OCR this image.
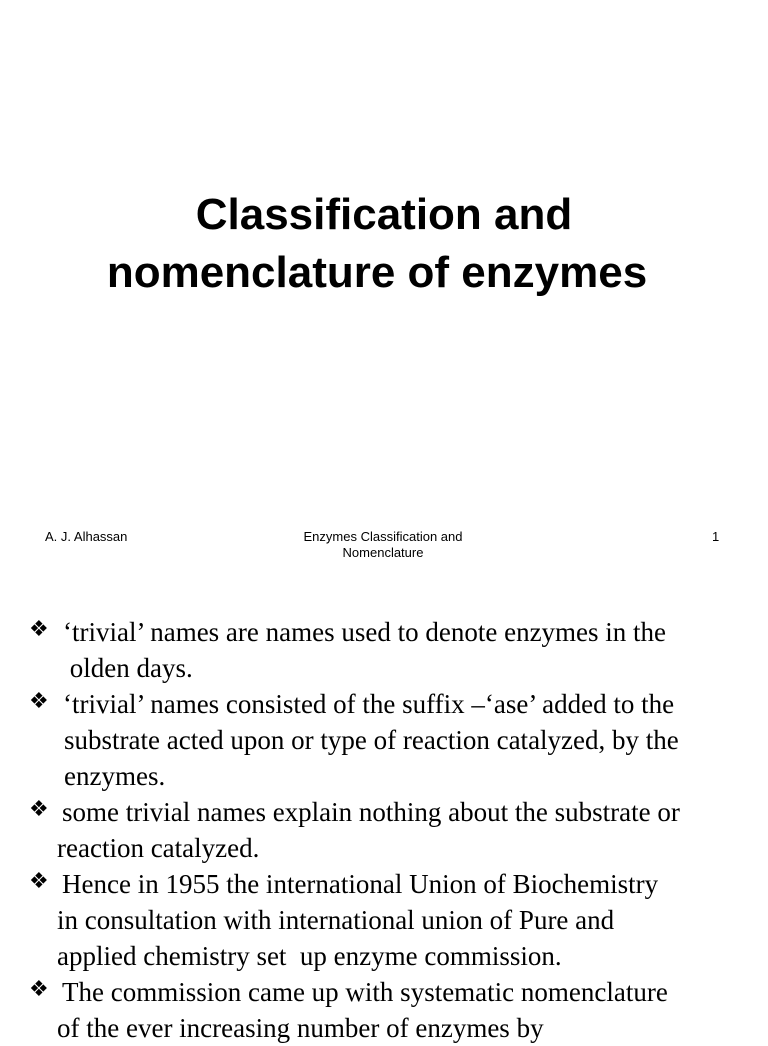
Classification and
nomenclature of enzymes
A. J. Alhassan	Enzymes Classification and
Nomenclature
1
❖ ‘trivial’ names are names used to denote enzymes in the
olden days.
❖ ‘trivial’ names consisted of the suffix –‘ase’ added to the
substrate acted upon or type of reaction catalyzed, by the
enzymes.
❖ some trivial names explain nothing about the substrate or
reaction catalyzed.
❖ Hence in 1955 the international Union of Biochemistry
in consultation with international union of Pure and
applied chemistry set  up enzyme commission.
❖ The commission came up with systematic nomenclature
of the ever increasing number of enzymes by
